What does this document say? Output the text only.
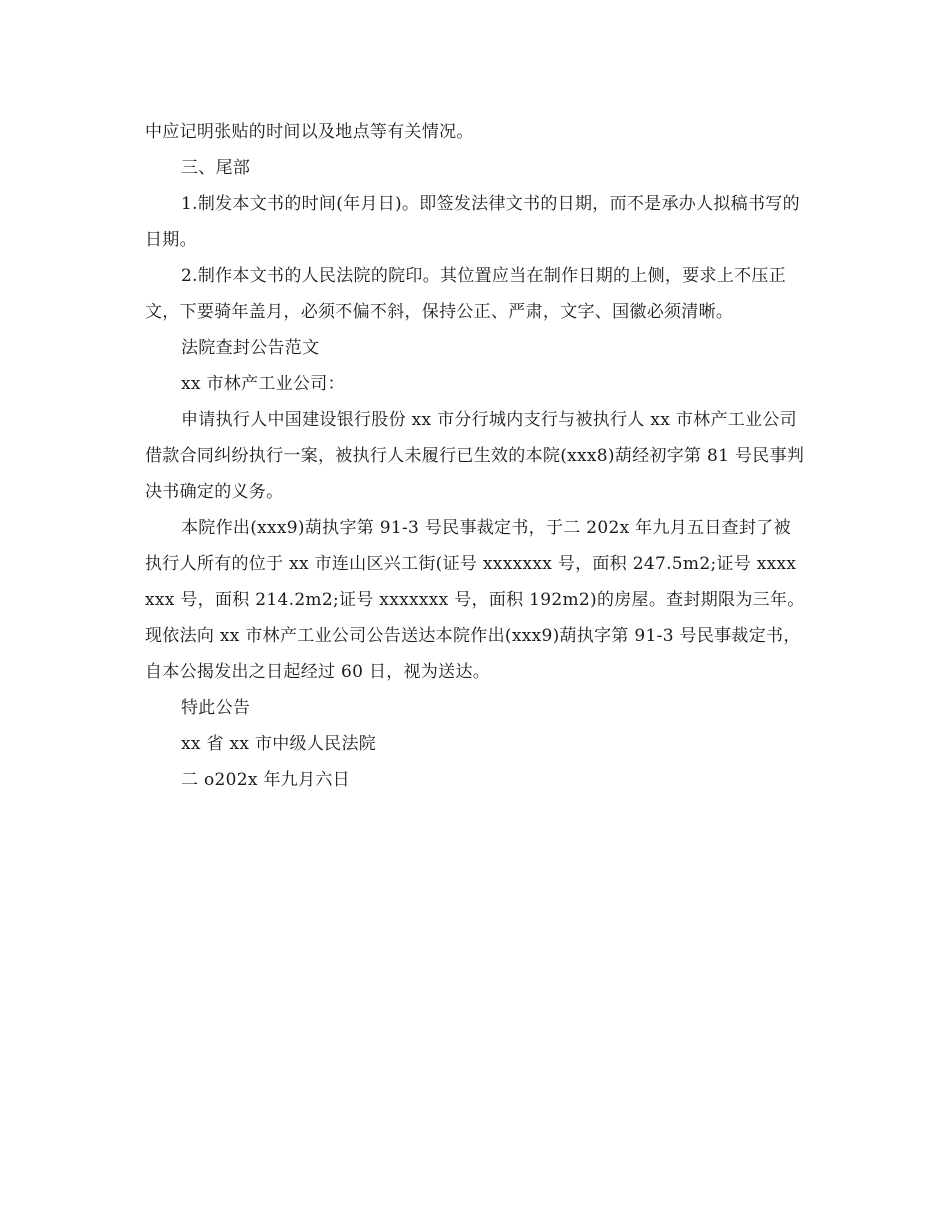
中应记明张贴的时间以及地点等有关情况。

三、尾部

1.制发本文书的时间(年月日)。即签发法律文书的日期，而不是承办人拟稿书写的日期。

2.制作本文书的人民法院的院印。其位置应当在制作日期的上侧，要求上不压正文，下要骑年盖月，必须不偏不斜，保持公正、严肃，文字、国徽必须清晰。

法院查封公告范文

xx 市林产工业公司：

申请执行人中国建设银行股份 xx 市分行城内支行与被执行人 xx 市林产工业公司借款合同纠纷执行一案，被执行人未履行已生效的本院(xxx8)葫经初字第 81 号民事判决书确定的义务。

本院作出(xxx9)葫执字第 91-3 号民事裁定书，于二 202x 年九月五日查封了被执行人所有的位于 xx 市连山区兴工街(证号 xxxxxxx 号，面积 247.5m2;证号 xxxxxxx 号，面积 214.2m2;证号 xxxxxxx 号，面积 192m2)的房屋。查封期限为三年。现依法向 xx 市林产工业公司公告送达本院作出(xxx9)葫执字第 91-3 号民事裁定书，自本公揭发出之日起经过 60 日，视为送达。

特此公告

xx 省 xx 市中级人民法院

二 o202x 年九月六日
